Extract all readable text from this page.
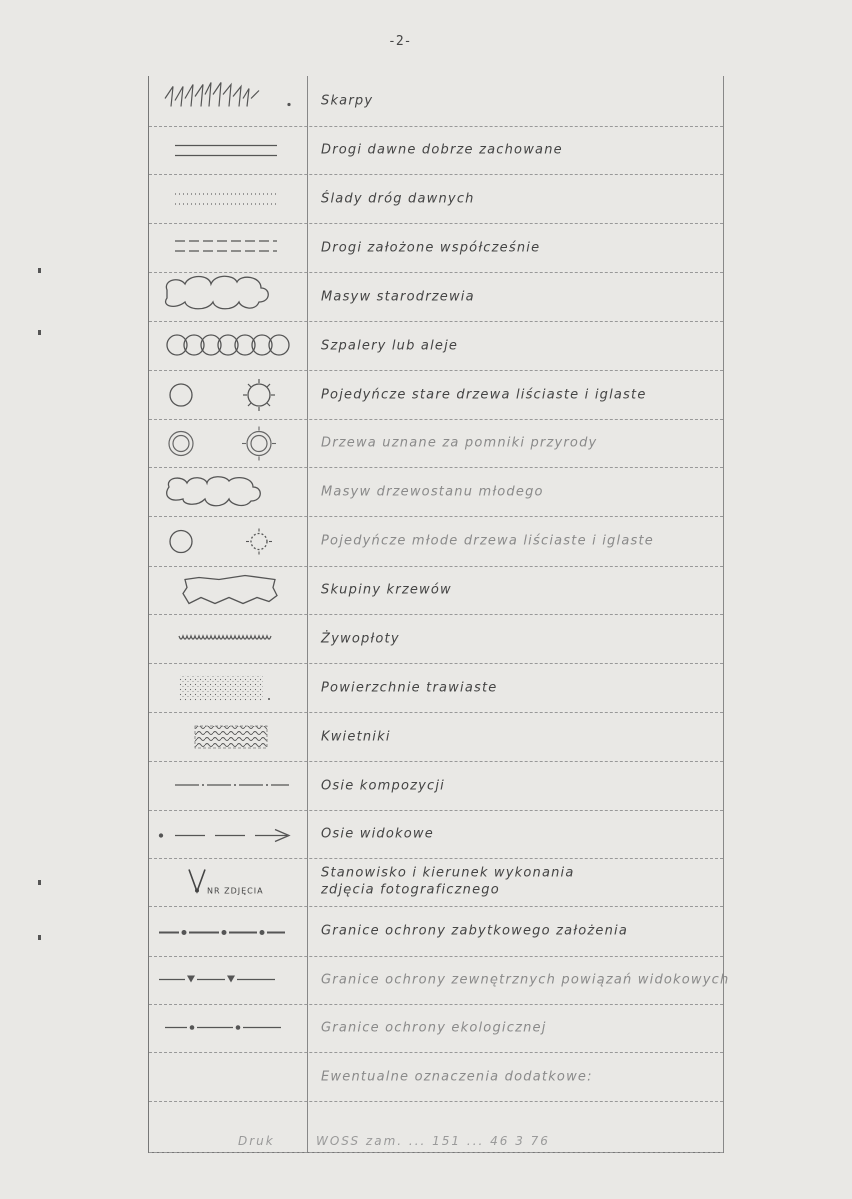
-2-
Skarpy
Drogi dawne dobrze zachowane
Ślady dróg dawnych
Drogi założone współcześnie
Masyw starodrzewia
Szpalery lub aleje
Pojedyńcze stare drzewa liściaste i iglaste
Drzewa uznane za pomniki przyrody
Masyw drzewostanu młodego
Pojedyńcze młode drzewa liściaste i iglaste
Skupiny krzewów
Żywopłoty
Powierzchnie trawiaste
Kwietniki
Osie kompozycji
Osie widokowe
NR ZDJĘCIA
Stanowisko i kierunek wykonania
zdjęcia fotograficznego
Granice ochrony zabytkowego założenia
Granice ochrony zewnętrznych powiązań widokowych
Granice ochrony ekologicznej
Ewentualne oznaczenia dodatkowe:
Druk	WOSS zam. ... 151 ... 46 3 76
